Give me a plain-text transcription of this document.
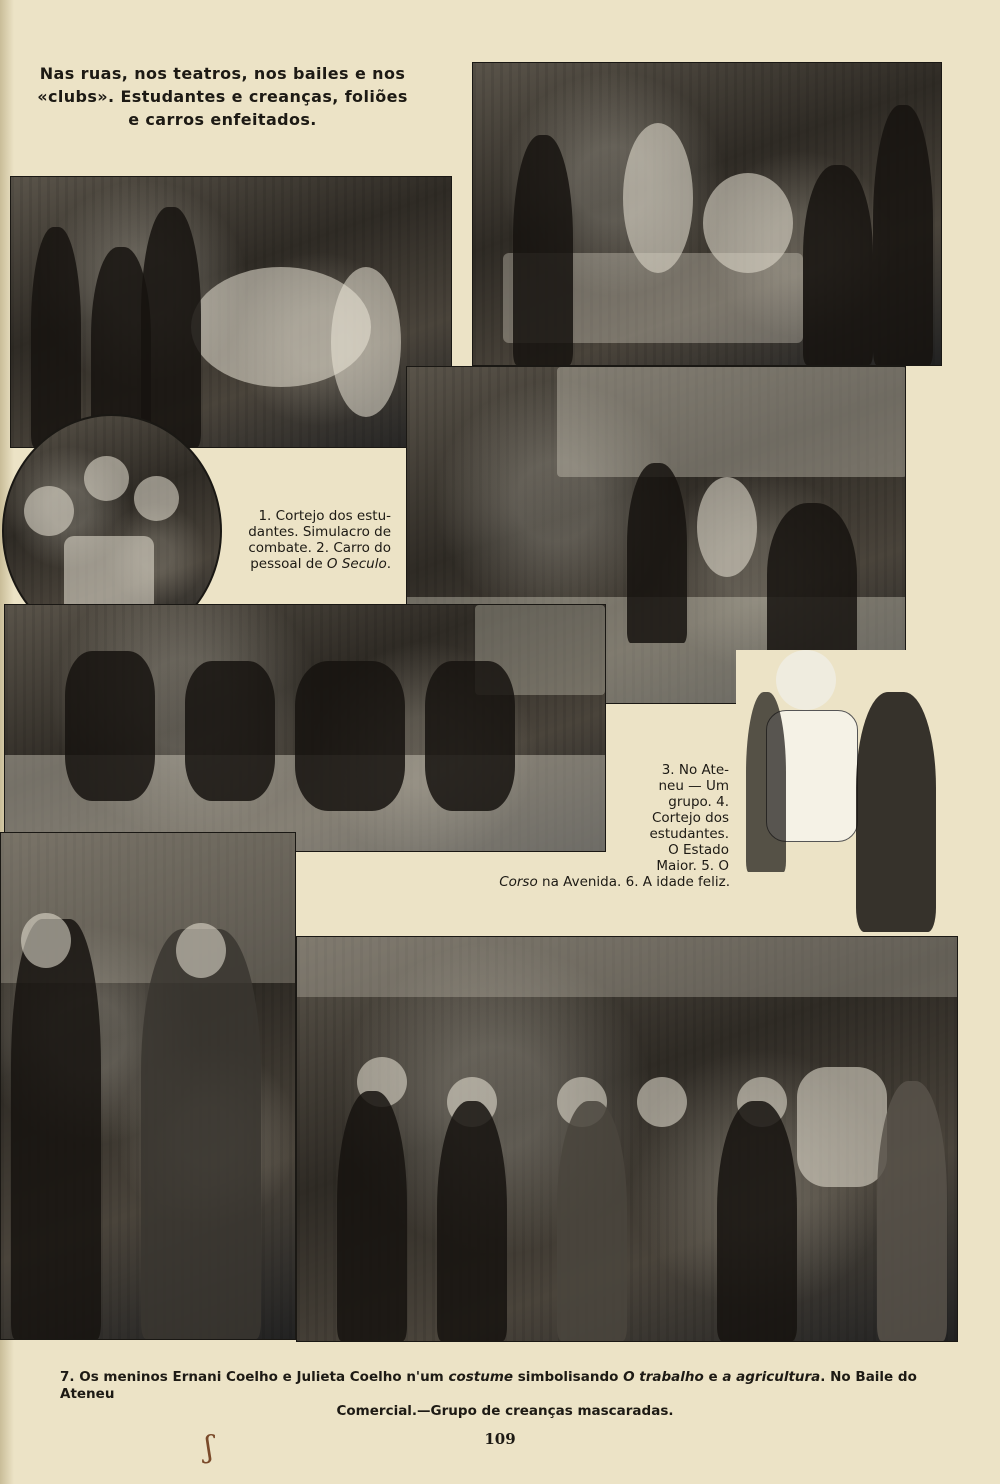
Nas ruas, nos teatros, nos bailes e nos
«clubs». Estudantes e creanças, foliões
e carros enfeitados.
1. Cortejo dos estu-
dantes. Simulacro de
combate. 2. Carro do
pessoal de O Seculo.
3. No Ate-
neu — Um
grupo. 4.
Cortejo dos
estudantes.
O Estado
Maior. 5. O
Corso na Avenida. 6. A idade feliz.
7. Os meninos Ernani Coelho e Julieta Coelho n'um costume simbolisando O trabalho e a agricultura. No Baile do Ateneu
Comercial.—Grupo de creanças mascaradas.
109
ʃ
